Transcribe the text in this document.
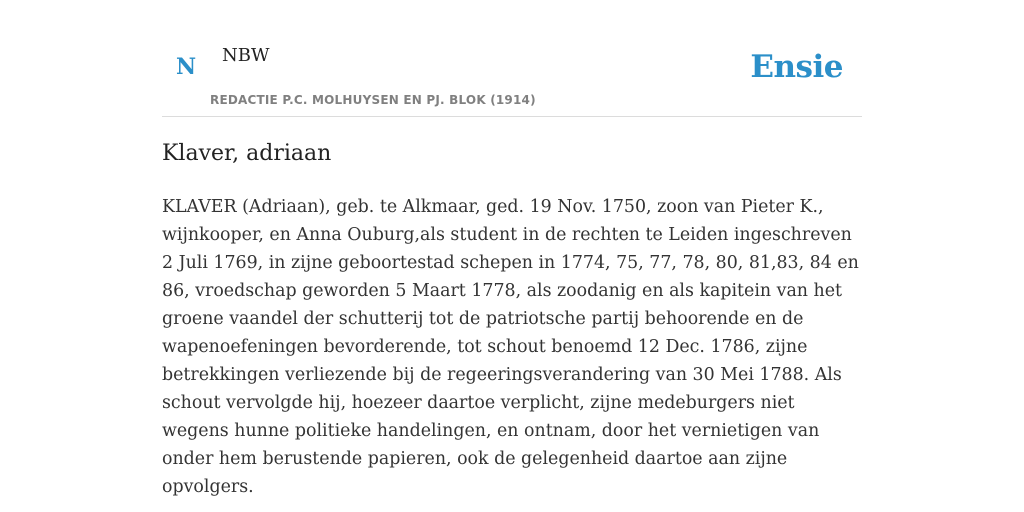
N NBW	Ensie
REDACTIE P.C. MOLHUYSEN EN PJ. BLOK (1914)
Klaver, adriaan

KLAVER (Adriaan), geb. te Alkmaar, ged. 19 Nov. 1750, zoon van Pieter K., wijnkooper, en Anna Ouburg,als student in de rechten te Leiden ingeschreven 2 Juli 1769, in zijne geboortestad schepen in 1774, 75, 77, 78, 80, 81,83, 84 en 86, vroedschap geworden 5 Maart 1778, als zoodanig en als kapitein van het groene vaandel der schutterij tot de patriotsche partij behoorende en de wapenoefeningen bevorderende, tot schout benoemd 12 Dec. 1786, zijne betrekkingen verliezende bij de regeeringsverandering van 30 Mei 1788. Als schout vervolgde hij, hoezeer daartoe verplicht, zijne medeburgers niet wegens hunne politieke handelingen, en ontnam, door het vernietigen van onder hem berustende papieren, ook de gelegenheid daartoe aan zijne opvolgers.
